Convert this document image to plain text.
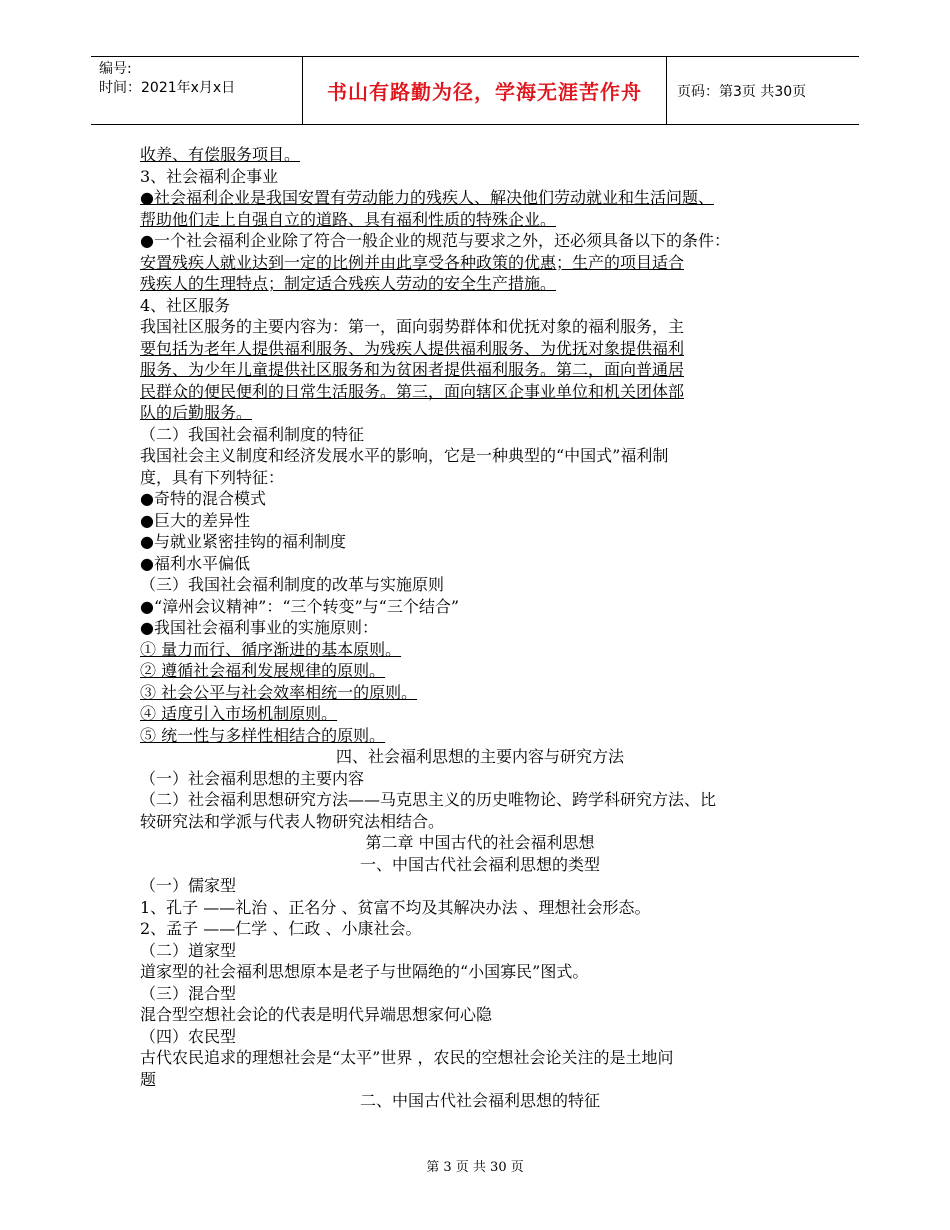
编号:
时间：2021年x月x日	书山有路勤为径，学海无涯苦作舟	页码：第3页 共30页
收养、有偿服务项目。
3、社会福利企事业
●社会福利企业是我国安置有劳动能力的残疾人、解决他们劳动就业和生活问题、
帮助他们走上自强自立的道路、具有福利性质的特殊企业。
●一个社会福利企业除了符合一般企业的规范与要求之外，还必须具备以下的条件：
安置残疾人就业达到一定的比例并由此享受各种政策的优惠；生产的项目适合
残疾人的生理特点；制定适合残疾人劳动的安全生产措施。
4、社区服务
我国社区服务的主要内容为：第一，面向弱势群体和优抚对象的福利服务，主
要包括为老年人提供福利服务、为残疾人提供福利服务、为优抚对象提供福利
服务、为少年儿童提供社区服务和为贫困者提供福利服务。第二，面向普通居
民群众的便民便利的日常生活服务。第三，面向辖区企事业单位和机关团体部
队的后勤服务。
（二）我国社会福利制度的特征
我国社会主义制度和经济发展水平的影响，它是一种典型的“中国式”福利制
度，具有下列特征：
●奇特的混合模式
●巨大的差异性
●与就业紧密挂钩的福利制度
●福利水平偏低
（三）我国社会福利制度的改革与实施原则
●“漳州会议精神”：“三个转变”与“三个结合”
●我国社会福利事业的实施原则：
① 量力而行、循序渐进的基本原则。
② 遵循社会福利发展规律的原则。
③ 社会公平与社会效率相统一的原则。
④ 适度引入市场机制原则。
⑤ 统一性与多样性相结合的原则。
四、社会福利思想的主要内容与研究方法
（一）社会福利思想的主要内容
（二）社会福利思想研究方法——马克思主义的历史唯物论、跨学科研究方法、比
较研究法和学派与代表人物研究法相结合。
第二章 中国古代的社会福利思想
一、中国古代社会福利思想的类型
（一）儒家型
1、孔子 ——礼治 、正名分 、贫富不均及其解决办法 、理想社会形态。
2、孟子 ——仁学 、仁政 、小康社会。
（二）道家型
道家型的社会福利思想原本是老子与世隔绝的“小国寡民”图式。
（三）混合型
混合型空想社会论的代表是明代异端思想家何心隐
（四）农民型
古代农民追求的理想社会是“太平”世界 ，农民的空想社会论关注的是土地问
题
二、中国古代社会福利思想的特征
第 3 页 共 30 页
